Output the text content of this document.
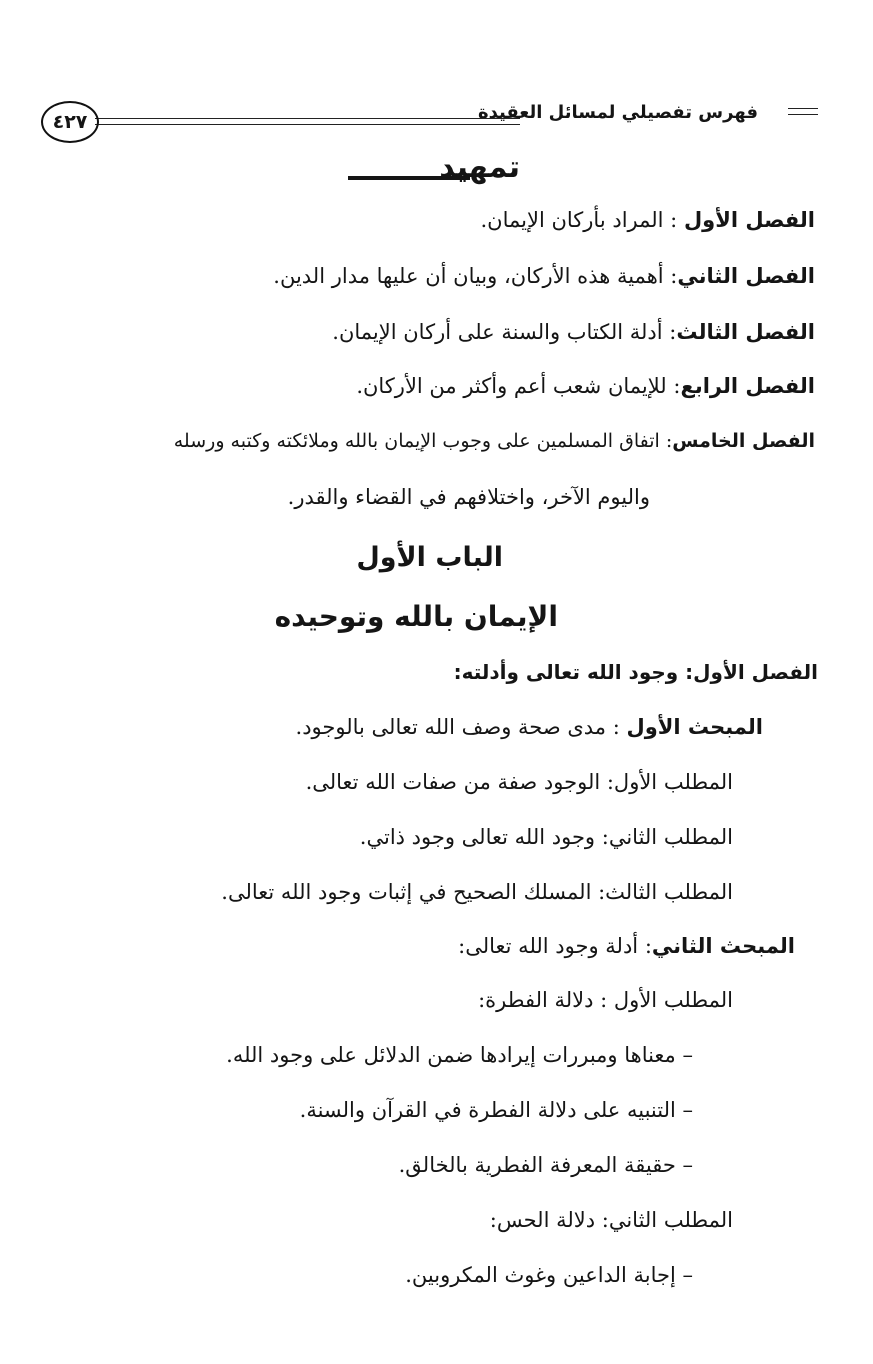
فهرس تفصيلي لمسائل العقيدة
٤٢٧
تمهيد
الفصل الأول : المراد بأركان الإيمان.
الفصل الثاني: أهمية هذه الأركان، وبيان أن عليها مدار الدين.
الفصل الثالث: أدلة الكتاب والسنة على أركان الإيمان.
الفصل الرابع: للإيمان شعب أعم وأكثر من الأركان.
الفصل الخامس: اتفاق المسلمين على وجوب الإيمان بالله وملائكته وكتبه ورسله
واليوم الآخر، واختلافهم في القضاء والقدر.
الباب الأول
الإيمان بالله وتوحيده
الفصل الأول: وجود الله تعالى وأدلته:
المبحث الأول : مدى صحة وصف الله تعالى بالوجود.
المطلب الأول: الوجود صفة من صفات الله تعالى.
المطلب الثاني: وجود الله تعالى وجود ذاتي.
المطلب الثالث: المسلك الصحيح في إثبات وجود الله تعالى.
المبحث الثاني: أدلة وجود الله تعالى:
المطلب الأول : دلالة الفطرة:
– معناها ومبررات إيرادها ضمن الدلائل على وجود الله.
– التنبيه على دلالة الفطرة في القرآن والسنة.
– حقيقة المعرفة الفطرية بالخالق.
المطلب الثاني: دلالة الحس:
– إجابة الداعين وغوث المكروبين.
